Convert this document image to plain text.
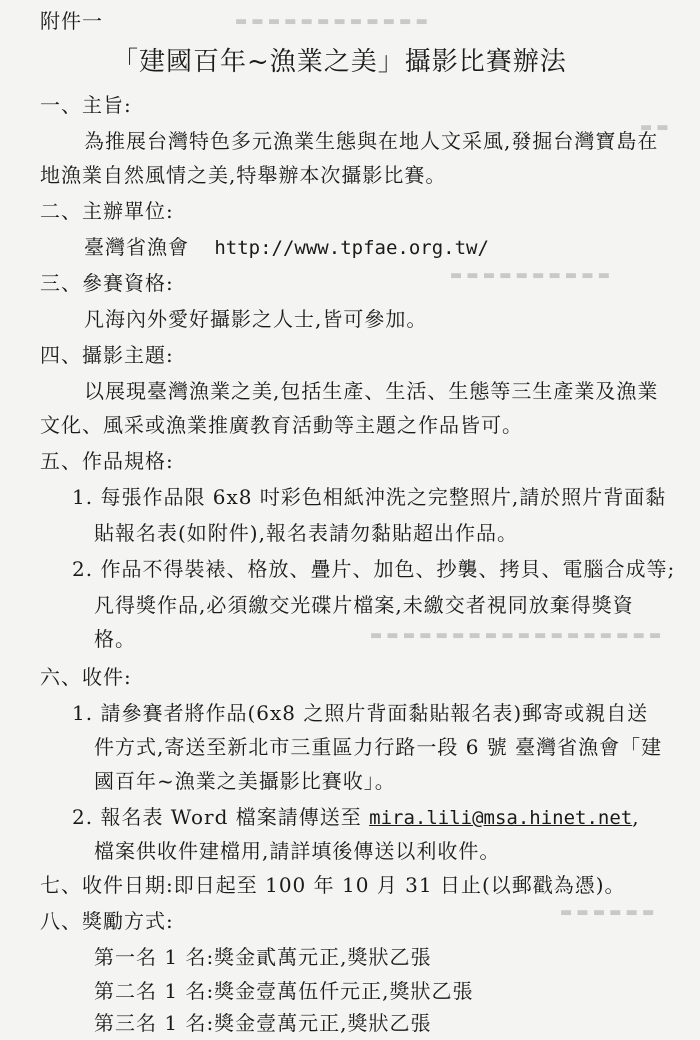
▬ ▬ ▬ ▬ ▬ ▬ ▬ ▬ ▬ ▬ ▬ ▬
▬ ▬
▬ ▬ ▬ ▬ ▬ ▬ ▬ ▬ ▬ ▬
▬ ▬ ▬ ▬ ▬ ▬ ▬ ▬ ▬ ▬ ▬ ▬ ▬ ▬ ▬ ▬ ▬ ▬
▬ ▬ ▬ ▬ ▬ ▬
附件一
「建國百年~漁業之美」攝影比賽辦法
一、主旨:
為推展台灣特色多元漁業生態與在地人文采風,發掘台灣寶島在
地漁業自然風情之美,特舉辦本次攝影比賽。
二、主辦單位:
臺灣省漁會 http://www.tpfae.org.tw/
三、參賽資格:
凡海內外愛好攝影之人士,皆可參加。
四、攝影主題:
以展現臺灣漁業之美,包括生產、生活、生態等三生產業及漁業
文化、風采或漁業推廣教育活動等主題之作品皆可。
五、作品規格:
1. 每張作品限 6x8 吋彩色相紙沖洗之完整照片,請於照片背面黏
貼報名表(如附件),報名表請勿黏貼超出作品。
2. 作品不得裝裱、格放、疊片、加色、抄襲、拷貝、電腦合成等;
凡得獎作品,必須繳交光碟片檔案,未繳交者視同放棄得獎資
格。
六、收件:
1. 請參賽者將作品(6x8 之照片背面黏貼報名表)郵寄或親自送
件方式,寄送至新北市三重區力行路一段 6 號 臺灣省漁會「建
國百年~漁業之美攝影比賽收」。
2. 報名表 Word 檔案請傳送至 mira.lili@msa.hinet.net,
檔案供收件建檔用,請詳填後傳送以利收件。
七、收件日期:即日起至 100 年 10 月 31 日止(以郵戳為憑)。
八、獎勵方式:
第一名 1 名:獎金貳萬元正,獎狀乙張
第二名 1 名:獎金壹萬伍仟元正,獎狀乙張
第三名 1 名:獎金壹萬元正,獎狀乙張
